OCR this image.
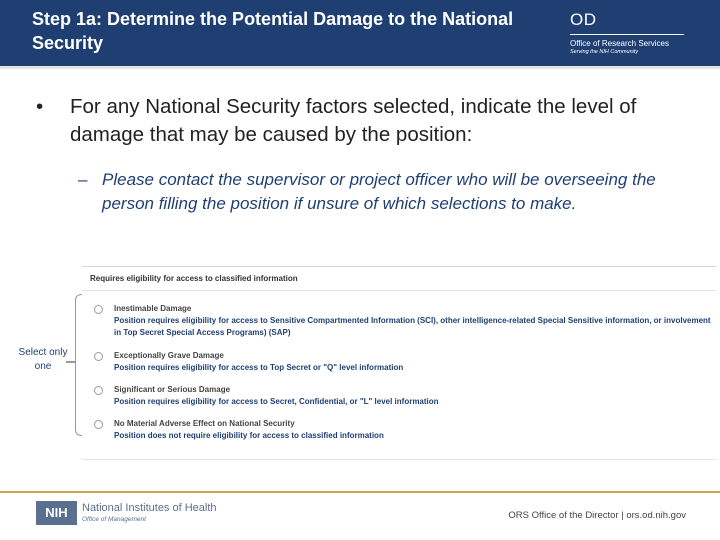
Step 1a: Determine the Potential Damage to the National Security
OD
Office of Research Services
Serving the NIH Community
• For any National Security factors selected, indicate the level of damage that may be caused by the position:
– Please contact the supervisor or project officer who will be overseeing the person filling the position if unsure of which selections to make.
Select only one
Requires eligibility for access to classified information
Inestimable Damage
Position requires eligibility for access to Sensitive Compartmented Information (SCI), other intelligence-related Special Sensitive information, or involvement in Top Secret Special Access Programs) (SAP)
Exceptionally Grave Damage
Position requires eligibility for access to Top Secret or "Q" level information
Significant or Serious Damage
Position requires eligibility for access to Secret, Confidential, or "L" level information
No Material Adverse Effect on National Security
Position does not require eligibility for access to classified information
NIH	National Institutes of Health
Office of Management	ORS Office of the Director | ors.od.nih.gov
